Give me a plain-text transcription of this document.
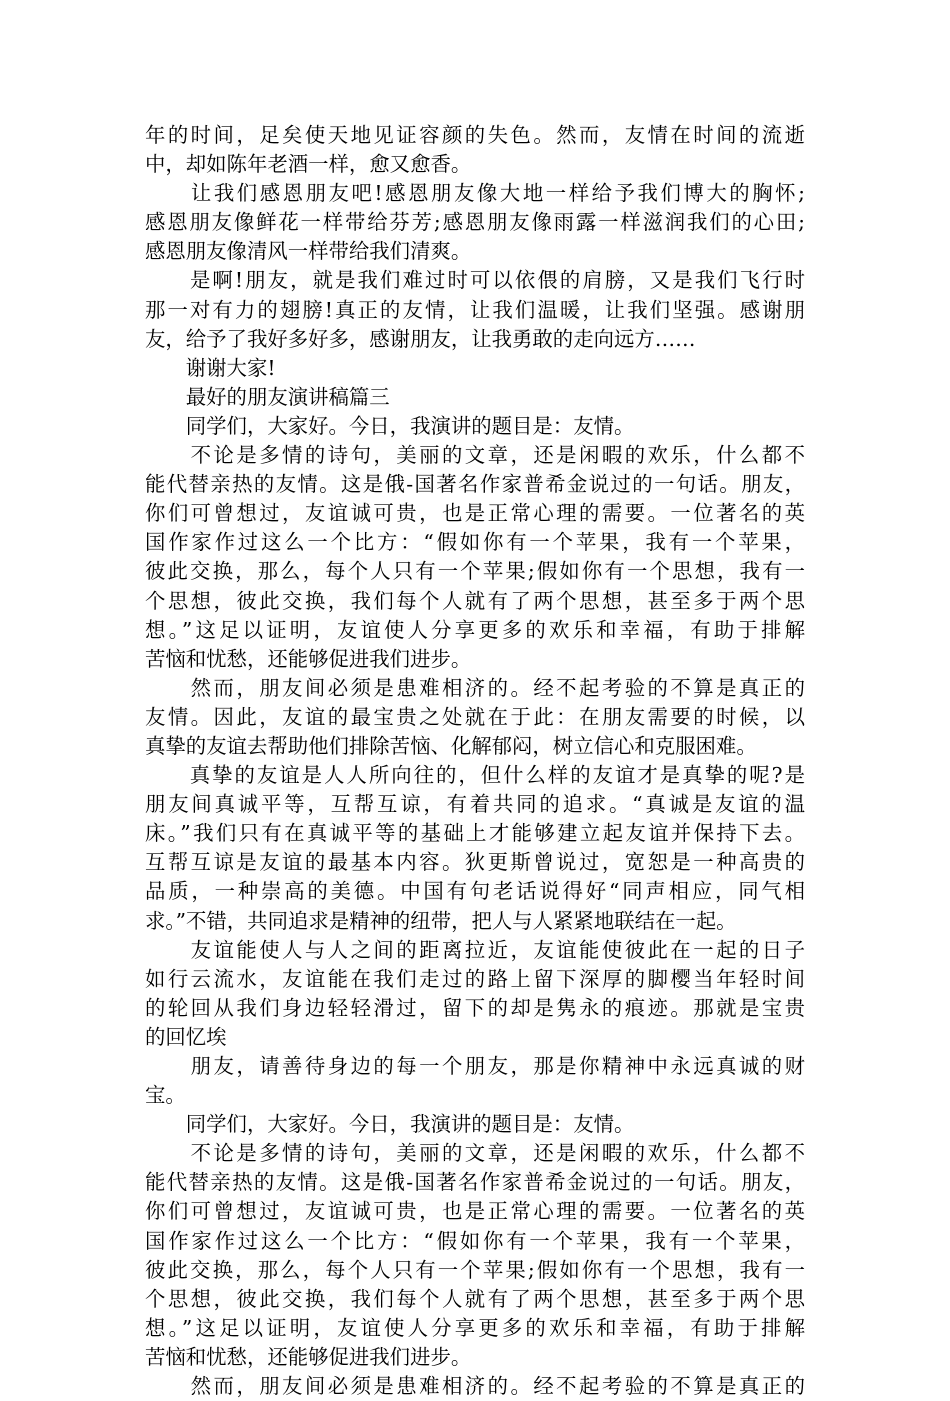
年的时间，足矣使天地见证容颜的失色。然而，友情在时间的流逝
中，却如陈年老酒一样，愈又愈香。
　　让我们感恩朋友吧!感恩朋友像大地一样给予我们博大的胸怀;
感恩朋友像鲜花一样带给芬芳;感恩朋友像雨露一样滋润我们的心田;
感恩朋友像清风一样带给我们清爽。
　　是啊!朋友，就是我们难过时可以依偎的肩膀，又是我们飞行时
那一对有力的翅膀!真正的友情，让我们温暖，让我们坚强。感谢朋
友，给予了我好多好多，感谢朋友，让我勇敢的走向远方……
　　谢谢大家!
　　最好的朋友演讲稿篇三
　　同学们，大家好。今日，我演讲的题目是：友情。
　　不论是多情的诗句，美丽的文章，还是闲暇的欢乐，什么都不
能代替亲热的友情。这是俄-国著名作家普希金说过的一句话。朋友，
你们可曾想过，友谊诚可贵，也是正常心理的需要。一位著名的英
国作家作过这么一个比方：“假如你有一个苹果，我有一个苹果，
彼此交换，那么，每个人只有一个苹果;假如你有一个思想，我有一
个思想，彼此交换，我们每个人就有了两个思想，甚至多于两个思
想。”这足以证明，友谊使人分享更多的欢乐和幸福，有助于排解
苦恼和忧愁，还能够促进我们进步。
　　然而，朋友间必须是患难相济的。经不起考验的不算是真正的
友情。因此，友谊的最宝贵之处就在于此：在朋友需要的时候，以
真挚的友谊去帮助他们排除苦恼、化解郁闷，树立信心和克服困难。
　　真挚的友谊是人人所向往的，但什么样的友谊才是真挚的呢?是
朋友间真诚平等，互帮互谅，有着共同的追求。“真诚是友谊的温
床。”我们只有在真诚平等的基础上才能够建立起友谊并保持下去。
互帮互谅是友谊的最基本内容。狄更斯曾说过，宽恕是一种高贵的
品质，一种崇高的美德。中国有句老话说得好“同声相应，同气相
求。”不错，共同追求是精神的纽带，把人与人紧紧地联结在一起。
　　友谊能使人与人之间的距离拉近，友谊能使彼此在一起的日子
如行云流水，友谊能在我们走过的路上留下深厚的脚樱当年轻时间
的轮回从我们身边轻轻滑过，留下的却是隽永的痕迹。那就是宝贵
的回忆埃
　　朋友，请善待身边的每一个朋友，那是你精神中永远真诚的财
宝。
　　同学们，大家好。今日，我演讲的题目是：友情。
　　不论是多情的诗句，美丽的文章，还是闲暇的欢乐，什么都不
能代替亲热的友情。这是俄-国著名作家普希金说过的一句话。朋友，
你们可曾想过，友谊诚可贵，也是正常心理的需要。一位著名的英
国作家作过这么一个比方：“假如你有一个苹果，我有一个苹果，
彼此交换，那么，每个人只有一个苹果;假如你有一个思想，我有一
个思想，彼此交换，我们每个人就有了两个思想，甚至多于两个思
想。”这足以证明，友谊使人分享更多的欢乐和幸福，有助于排解
苦恼和忧愁，还能够促进我们进步。
　　然而，朋友间必须是患难相济的。经不起考验的不算是真正的
